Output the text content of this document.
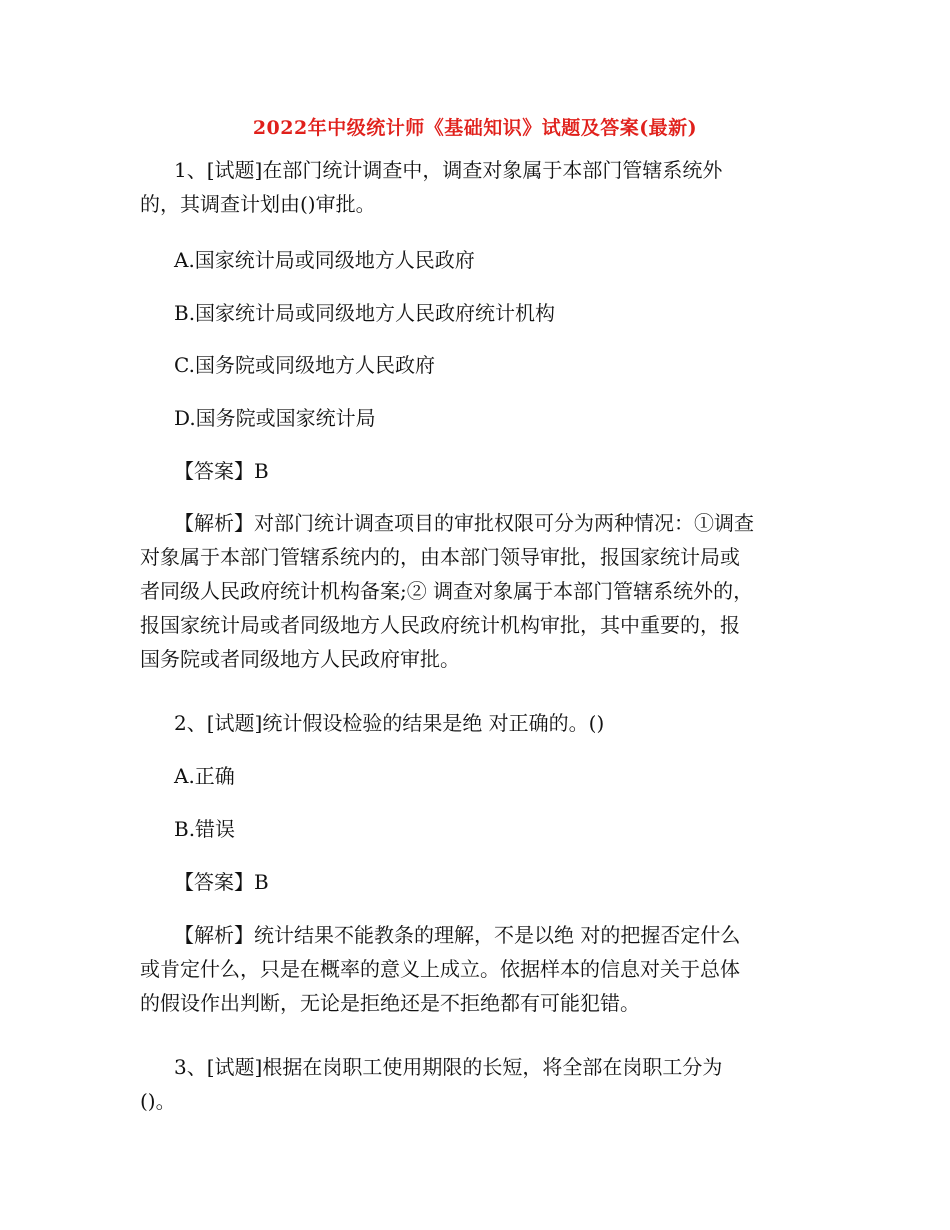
2022年中级统计师《基础知识》试题及答案(最新)
1、[试题]在部门统计调查中，调查对象属于本部门管辖系统外
的，其调查计划由()审批。
A.国家统计局或同级地方人民政府
B.国家统计局或同级地方人民政府统计机构
C.国务院或同级地方人民政府
D.国务院或国家统计局
【答案】B
【解析】对部门统计调查项目的审批权限可分为两种情况：①调查
对象属于本部门管辖系统内的，由本部门领导审批，报国家统计局或
者同级人民政府统计机构备案;② 调查对象属于本部门管辖系统外的，
报国家统计局或者同级地方人民政府统计机构审批，其中重要的，报
国务院或者同级地方人民政府审批。
2、[试题]统计假设检验的结果是绝 对正确的。()
A.正确
B.错误
【答案】B
【解析】统计结果不能教条的理解，不是以绝 对的把握否定什么
或肯定什么，只是在概率的意义上成立。依据样本的信息对关于总体
的假设作出判断，无论是拒绝还是不拒绝都有可能犯错。
3、[试题]根据在岗职工使用期限的长短，将全部在岗职工分为
()。
